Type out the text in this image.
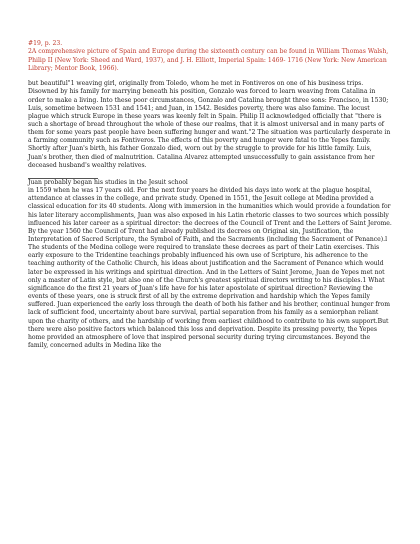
#19, p. 23.

2A comprehensive picture of Spain and Europe during the sixteenth century can be found in William Thomas Walsh, Philip II (New York: Sheed and Ward, 1937), and J. H. Elliott, Imperial Spain: 1469- 1716 (New York: New American Library; Mentor Book, 1966).

but beautiful"1 weaving girl, originally from Toledo, whom he met in Fontiveros on one of his business trips.

Disowned by his family for marrying beneath his position, Gonzalo was forced to learn weaving from Catalina in order to make a living. Into these poor circumstances, Gonzalo and Catalina brought three sons: Francisco, in 1530; Luis, sometime between 1531 and 1541; and Juan, in 1542. Besides poverty, there was also famine. The locust plague which struck Europe in these years was keenly felt in Spain. Philip II acknowledged officially that "there is such a shortage of bread throughout the whole of these our realms, that it is almost universal and in many parts of them for some years past people have been suffering hunger and want."2 The situation was particularly desperate in a farming community such as Fontiveros. The effects of this poverty and hunger were fatal to the Yepes family. Shortly after Juan's birth, his father Gonzalo died, worn out by the struggle to provide for his little family. Luis, Juan's brother, then died of malnutrition. Catalina Alvarez attempted unsuccessfully to gain assistance from her deceased husband's wealthy relatives.

Juan probably began his studies in the Jesuit school

in 1559 when he was 17 years old. For the next four years he divided his days into work at the plague hospital, attendance at classes in the college, and private study. Opened in 1551, the Jesuit college at Medina provided a classical education for its 40 students. Along with immersion in the humanities which would provide a foundation for his later literary accomplishments, Juan was also exposed in his Latin rhetoric classes to two sources which possibly influenced his later career as a spiritual director: the decrees of the Council of Trent and the Letters of Saint Jerome. By the year 1560 the Council of Trent had already published its decrees on Original sin, Justification, the Interpretation of Sacred Scripture, the Symbol of Faith, and the Sacraments (including the Sacrament of Penance).l The students of the Medina college were required to translate these decrees as part of their Latin exercises. This early exposure to the Tridentine teachings probably influenced his own use of Scripture, his adherence to the teaching authority of the Catholic Church, his ideas about justification and the Sacrament of Penance which would later be expressed in his writings and spiritual direction. And in the Letters of Saint Jerome, Juan de Yepes met not only a master of Latin style, but also one of the Church's greatest spiritual directors writing to his disciples.1 What significance do the first 21 years of Juan's life have for his later apostolate of spiritual direction? Reviewing the events of these years, one is struck first of all by the extreme deprivation and hardship which the Yepes family suffered. Juan experienced the early loss through the death of both his father and his brother, continual hunger from lack of sufficient food, uncertainty about bare survival, partial separation from his family as a semiorphan reliant upon the charity of others, and the hardship of working from earliest childhood to contribute to his own support.But there were also positive factors which balanced this loss and deprivation. Despite its pressing poverty, the Yepes home provided an atmosphere of love that inspired personal security during trying circumstances. Beyond the family, concerned adults in Medina like the
